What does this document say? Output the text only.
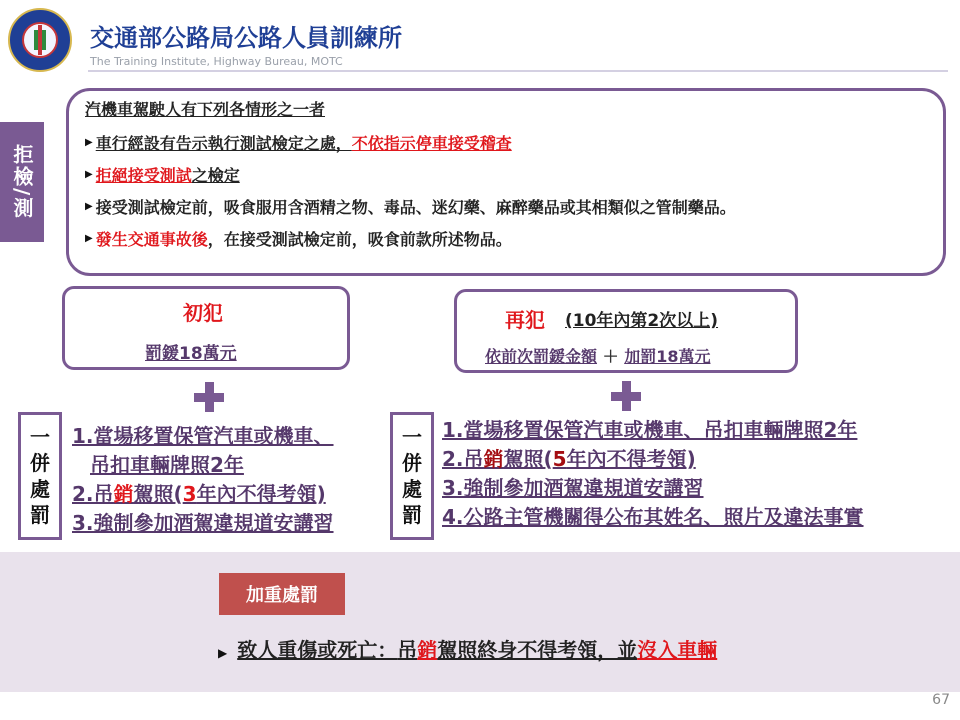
交通部公路局公路人員訓練所
The Training Institute, Highway Bureau, MOTC
拒檢/測
汽機車駕駛人有下列各情形之一者
▶ 車行經設有告示執行測試檢定之處， 不依指示停車接受稽查
▶ 拒絕接受測試 之檢定
▶ 接受測試檢定前，吸食服用含酒精之物、毒品、迷幻藥、麻醉藥品或其相類似之管制藥品。
▶ 發生交通事故後 ，在接受測試檢定前，吸食前款所述物品。
初犯
罰鍰18萬元
再犯 (10年內第2次以上)
依前次罰鍰金額 ＋ 加罰18萬元
一
併
處
罰
1.當場移置保管汽車或機車、
吊扣車輛牌照2年
2.吊銷駕照(3年內不得考領)
3.強制參加酒駕違規道安講習
一
併
處
罰
1.當場移置保管汽車或機車、吊扣車輛牌照2年
2.吊銷駕照(5年內不得考領)
3.強制參加酒駕違規道安講習
4.公路主管機關得公布其姓名、照片及違法事實
加重處罰
▶ 致人重傷或死亡：吊銷駕照終身不得考領，並沒入車輛
67
